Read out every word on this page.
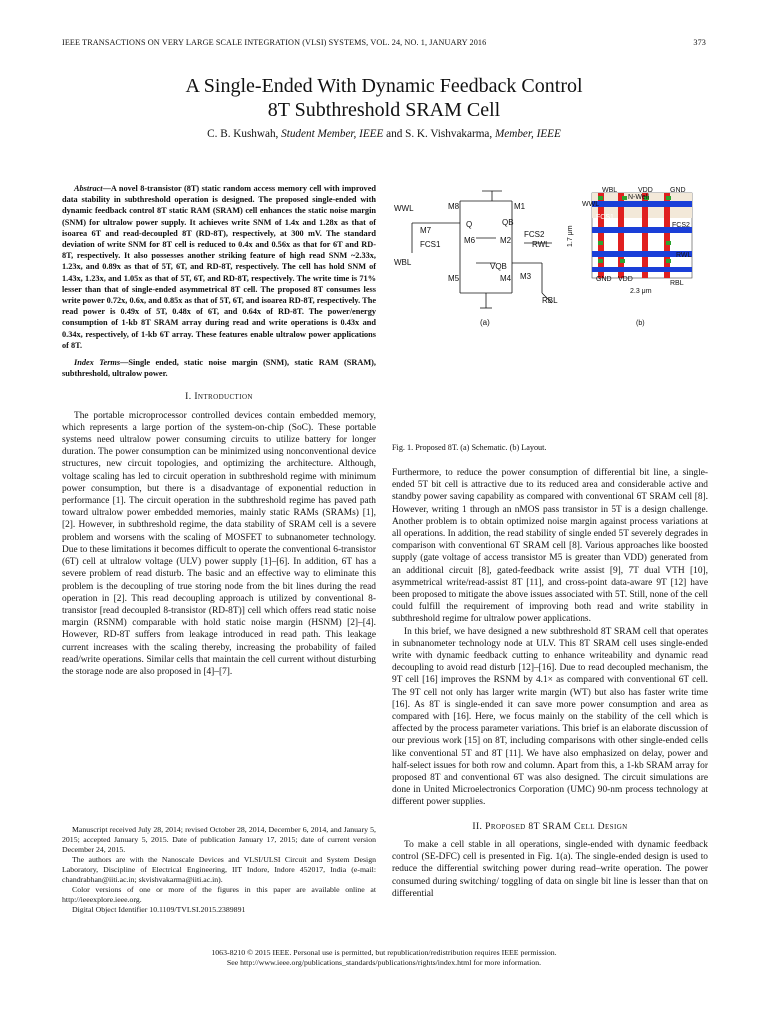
IEEE TRANSACTIONS ON VERY LARGE SCALE INTEGRATION (VLSI) SYSTEMS, VOL. 24, NO. 1, JANUARY 2016	373
A Single-Ended With Dynamic Feedback Control
8T Subthreshold SRAM Cell
C. B. Kushwah, Student Member, IEEE and S. K. Vishvakarma, Member, IEEE

Abstract—A novel 8-transistor (8T) static random access memory cell with improved data stability in subthreshold operation is designed. The proposed single-ended with dynamic feedback control 8T static RAM (SRAM) cell enhances the static noise margin (SNM) for ultralow power supply. It achieves write SNM of 1.4x and 1.28x as that of isoarea 6T and read-decoupled 8T (RD-8T), respectively, at 300 mV. The standard deviation of write SNM for 8T cell is reduced to 0.4x and 0.56x as that for 6T and RD-8T, respectively. It also possesses another striking feature of high read SNM ~2.33x, 1.23x, and 0.89x as that of 5T, 6T, and RD-8T, respectively. The cell has hold SNM of 1.43x, 1.23x, and 1.05x as that of 5T, 6T, and RD-8T, respectively. The write time is 71% lesser than that of single-ended asymmetrical 8T cell. The proposed 8T consumes less write power 0.72x, 0.6x, and 0.85x as that of 5T, 6T, and isoarea RD-8T, respectively. The read power is 0.49x of 5T, 0.48x of 6T, and 0.64x of RD-8T. The power/energy consumption of 1-kb 8T SRAM array during read and write operations is 0.43x and 0.34x, respectively, of 1-kb 6T array. These features enable ultralow power applications of 8T.

Index Terms—Single ended, static noise margin (SNM), static RAM (SRAM), subthreshold, ultralow power.

I. Introduction

The portable microprocessor controlled devices contain embedded memory, which represents a large portion of the system-on-chip (SoC). These portable systems need ultralow power consuming circuits to utilize battery for longer duration. The power consumption can be minimized using nonconventional device structures, new circuit topologies, and optimizing the architecture. Although, voltage scaling has led to circuit operation in subthreshold regime with minimum power consumption, but there is a disadvantage of exponential reduction in performance [1]. The circuit operation in the subthreshold regime has paved path toward ultralow power embedded memories, mainly static RAMs (SRAMs) [1], [2]. However, in subthreshold regime, the data stability of SRAM cell is a severe problem and worsens with the scaling of MOSFET to subnanometer technology. Due to these limitations it becomes difficult to operate the conventional 6-transistor (6T) cell at ultralow voltage (ULV) power supply [1]–[6]. In addition, 6T has a severe problem of read disturb. The basic and an effective way to eliminate this problem is the decoupling of true storing node from the bit lines during the read operation in [2]. This read decoupling approach is utilized by conventional 8-transistor [read decoupled 8-transistor (RD-8T)] cell which offers read static noise margin (RSNM) comparable with hold static noise margin (HSNM) [2]–[4]. However, RD-8T suffers from leakage introduced in read path. This leakage current increases with the scaling thereby, increasing the probability of failed read/write operations. Similar cells that maintain the cell current without disturbing the storage node are also proposed in [4]–[7].

Manuscript received July 28, 2014; revised October 28, 2014, December 6, 2014, and January 5, 2015; accepted January 5, 2015. Date of publication January 17, 2015; date of current version December 24, 2015.

The authors are with the Nanoscale Devices and VLSI/ULSI Circuit and System Design Laboratory, Discipline of Electrical Engineering, IIT Indore, Indore 452017, India (e-mail: chandrabhan@iiti.ac.in; skvishvakarma@iiti.ac.in).

Color versions of one or more of the figures in this paper are available online at http://ieeexplore.ieee.org.

Digital Object Identifier 10.1109/TVLSI.2015.2389891

WWL	M8	M1
Q	QB
M7
M6	M2
FCS1
FCS2
RWL
WBL	VQB
M3
M5	M4
RBL
(a)
WBL	VDD GND
WWL
N-Well
FCS1
FCS2
RWL
GND VDD
RBL
1.7 μm
2.3 μm
(b)
Fig. 1. Proposed 8T. (a) Schematic. (b) Layout.

Furthermore, to reduce the power consumption of differential bit line, a single-ended 5T bit cell is attractive due to its reduced area and considerable active and standby power saving capability as compared with conventional 6T SRAM cell [8]. However, writing 1 through an nMOS pass transistor in 5T is a design challenge. Another problem is to obtain optimized noise margin against process variations at all operations. In addition, the read stability of single ended 5T severely degrades in comparison with conventional 6T SRAM cell [8]. Various approaches like boosted supply (gate voltage of access transistor M5 is greater than VDD) generated from an additional circuit [8], gated-feedback write assist [9], 7T dual VTH [10], asymmetrical write/read-assist 8T [11], and cross-point data-aware 9T [12] have been proposed to mitigate the above issues associated with 5T. Still, none of the cell could fulfill the requirement of improving both read and write stability in subthreshold regime for ultralow power applications.

In this brief, we have designed a new subthreshold 8T SRAM cell that operates in subnanometer technology node at ULV. This 8T SRAM cell uses single-ended write with dynamic feedback cutting to enhance writeability and dynamic read decoupling to avoid read disturb [12]–[16]. Due to read decoupled mechanism, the 9T cell [16] improves the RSNM by 4.1× as compared with conventional 6T cell. The 9T cell not only has larger write margin (WT) but also has faster write time [16]. As 8T is single-ended it can save more power consumption and area as compared with [16]. Here, we focus mainly on the stability of the cell which is affected by the process parameter variations. This brief is an elaborate discussion of our previous work [15] on 8T, including comparisons with other single-ended cells like conventional 5T and 8T [11]. We have also emphasized on delay, power and half-select issues for both row and column. Apart from this, a 1-kb SRAM array for proposed 8T and conventional 6T was also designed. The circuit simulations are done in United Microelectronics Corporation (UMC) 90-nm process technology at different power supplies.

II. Proposed 8T SRAM Cell Design

To make a cell stable in all operations, single-ended with dynamic feedback control (SE-DFC) cell is presented in Fig. 1(a). The single-ended design is used to reduce the differential switching power during read–write operation. The power consumed during switching/ toggling of data on single bit line is lesser than that on differential

1063-8210 © 2015 IEEE. Personal use is permitted, but republication/redistribution requires IEEE permission.
See http://www.ieee.org/publications_standards/publications/rights/index.html for more information.
